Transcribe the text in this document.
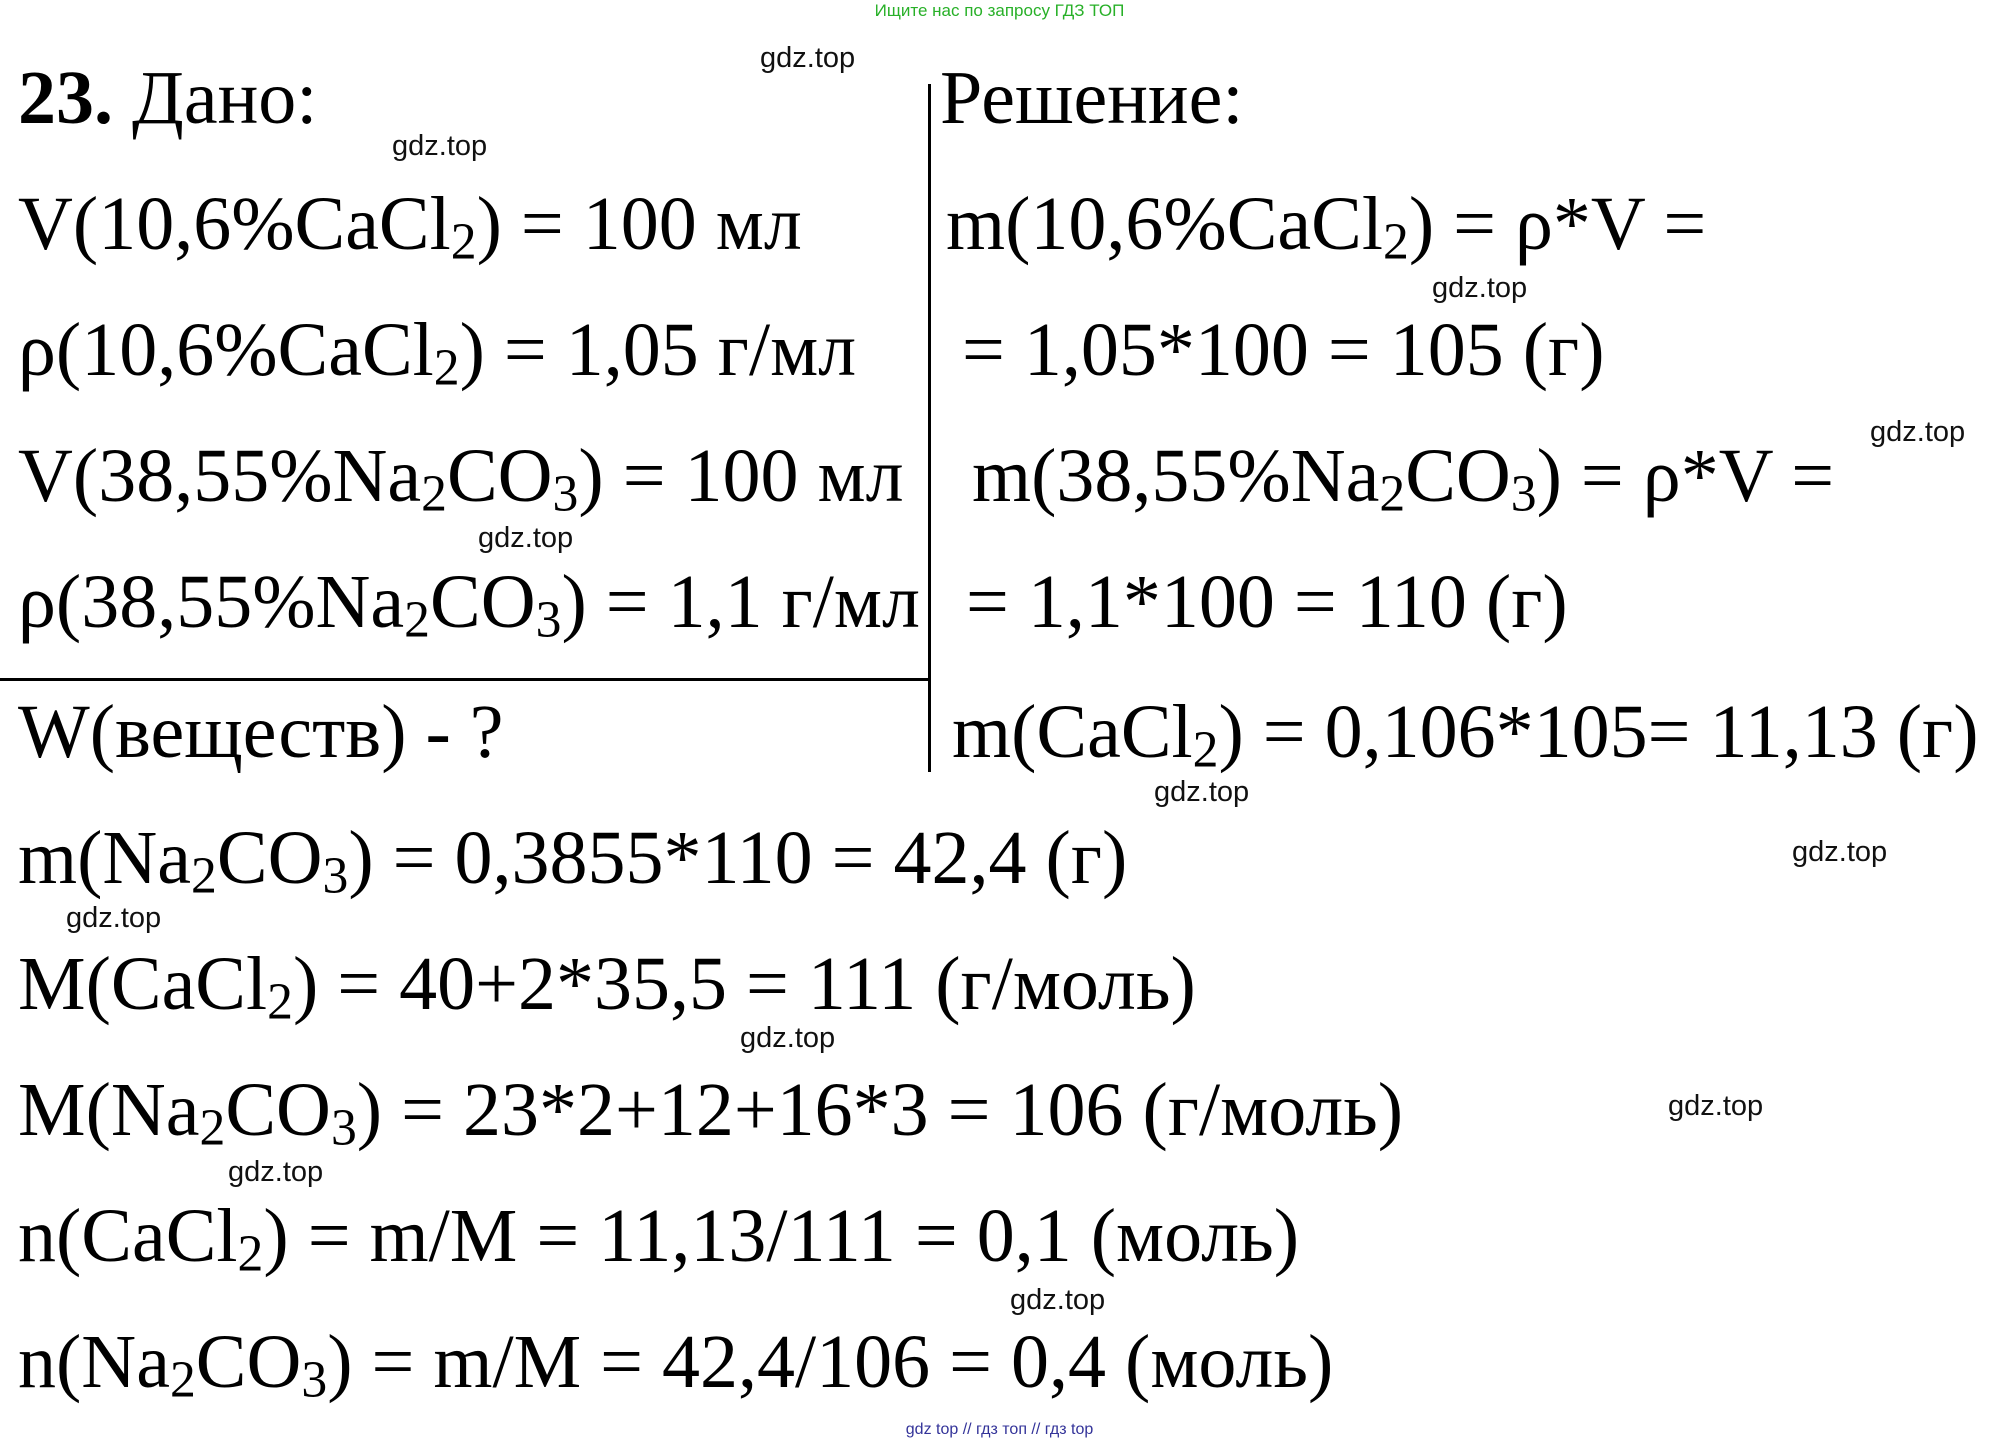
Ищите нас по запросу ГДЗ ТОП
23. Дано:	Решение:
V(10,6%CaCl$_2$) = 100 мл
ρ(10,6%CaCl$_2$) = 1,05 г/мл
$V(38,55\%Na_2CO_3) = 100$ мл
$\rho(38,55\%Na_2CO_3) = 1,1$ г/мл
W(веществ) - ?
m(10,6%CaCl$_2$) = ρ*V =
= 1,05*100 = 105 (г)
$m(38,55\%Na_2CO_3) = \rho*V$ =
= 1,1*100 = 110 (г)
m(CaCl$_2$) = 0,106*105= 11,13 (г)
$m(Na_2CO_3) = 0,3855*110 = 42,4$ (г)
M(CaCl$_2$) = 40+2*35,5 = 111 (г/моль)
$M(Na_2CO_3) = 23*2+12+16*3 = 106$ (г/моль)
n(CaCl$_2$) = m/M = 11,13/111 = 0,1 (моль)
$n(Na_2CO_3) = m/M = 42,4/106 = 0,4$ (моль)
gdz.top
gdz.top
gdz.top
gdz.top
gdz.top
gdz.top
gdz.top
gdz.top
gdz.top
gdz.top
gdz.top
gdz.top
gdz top // гдз топ // гдз top
